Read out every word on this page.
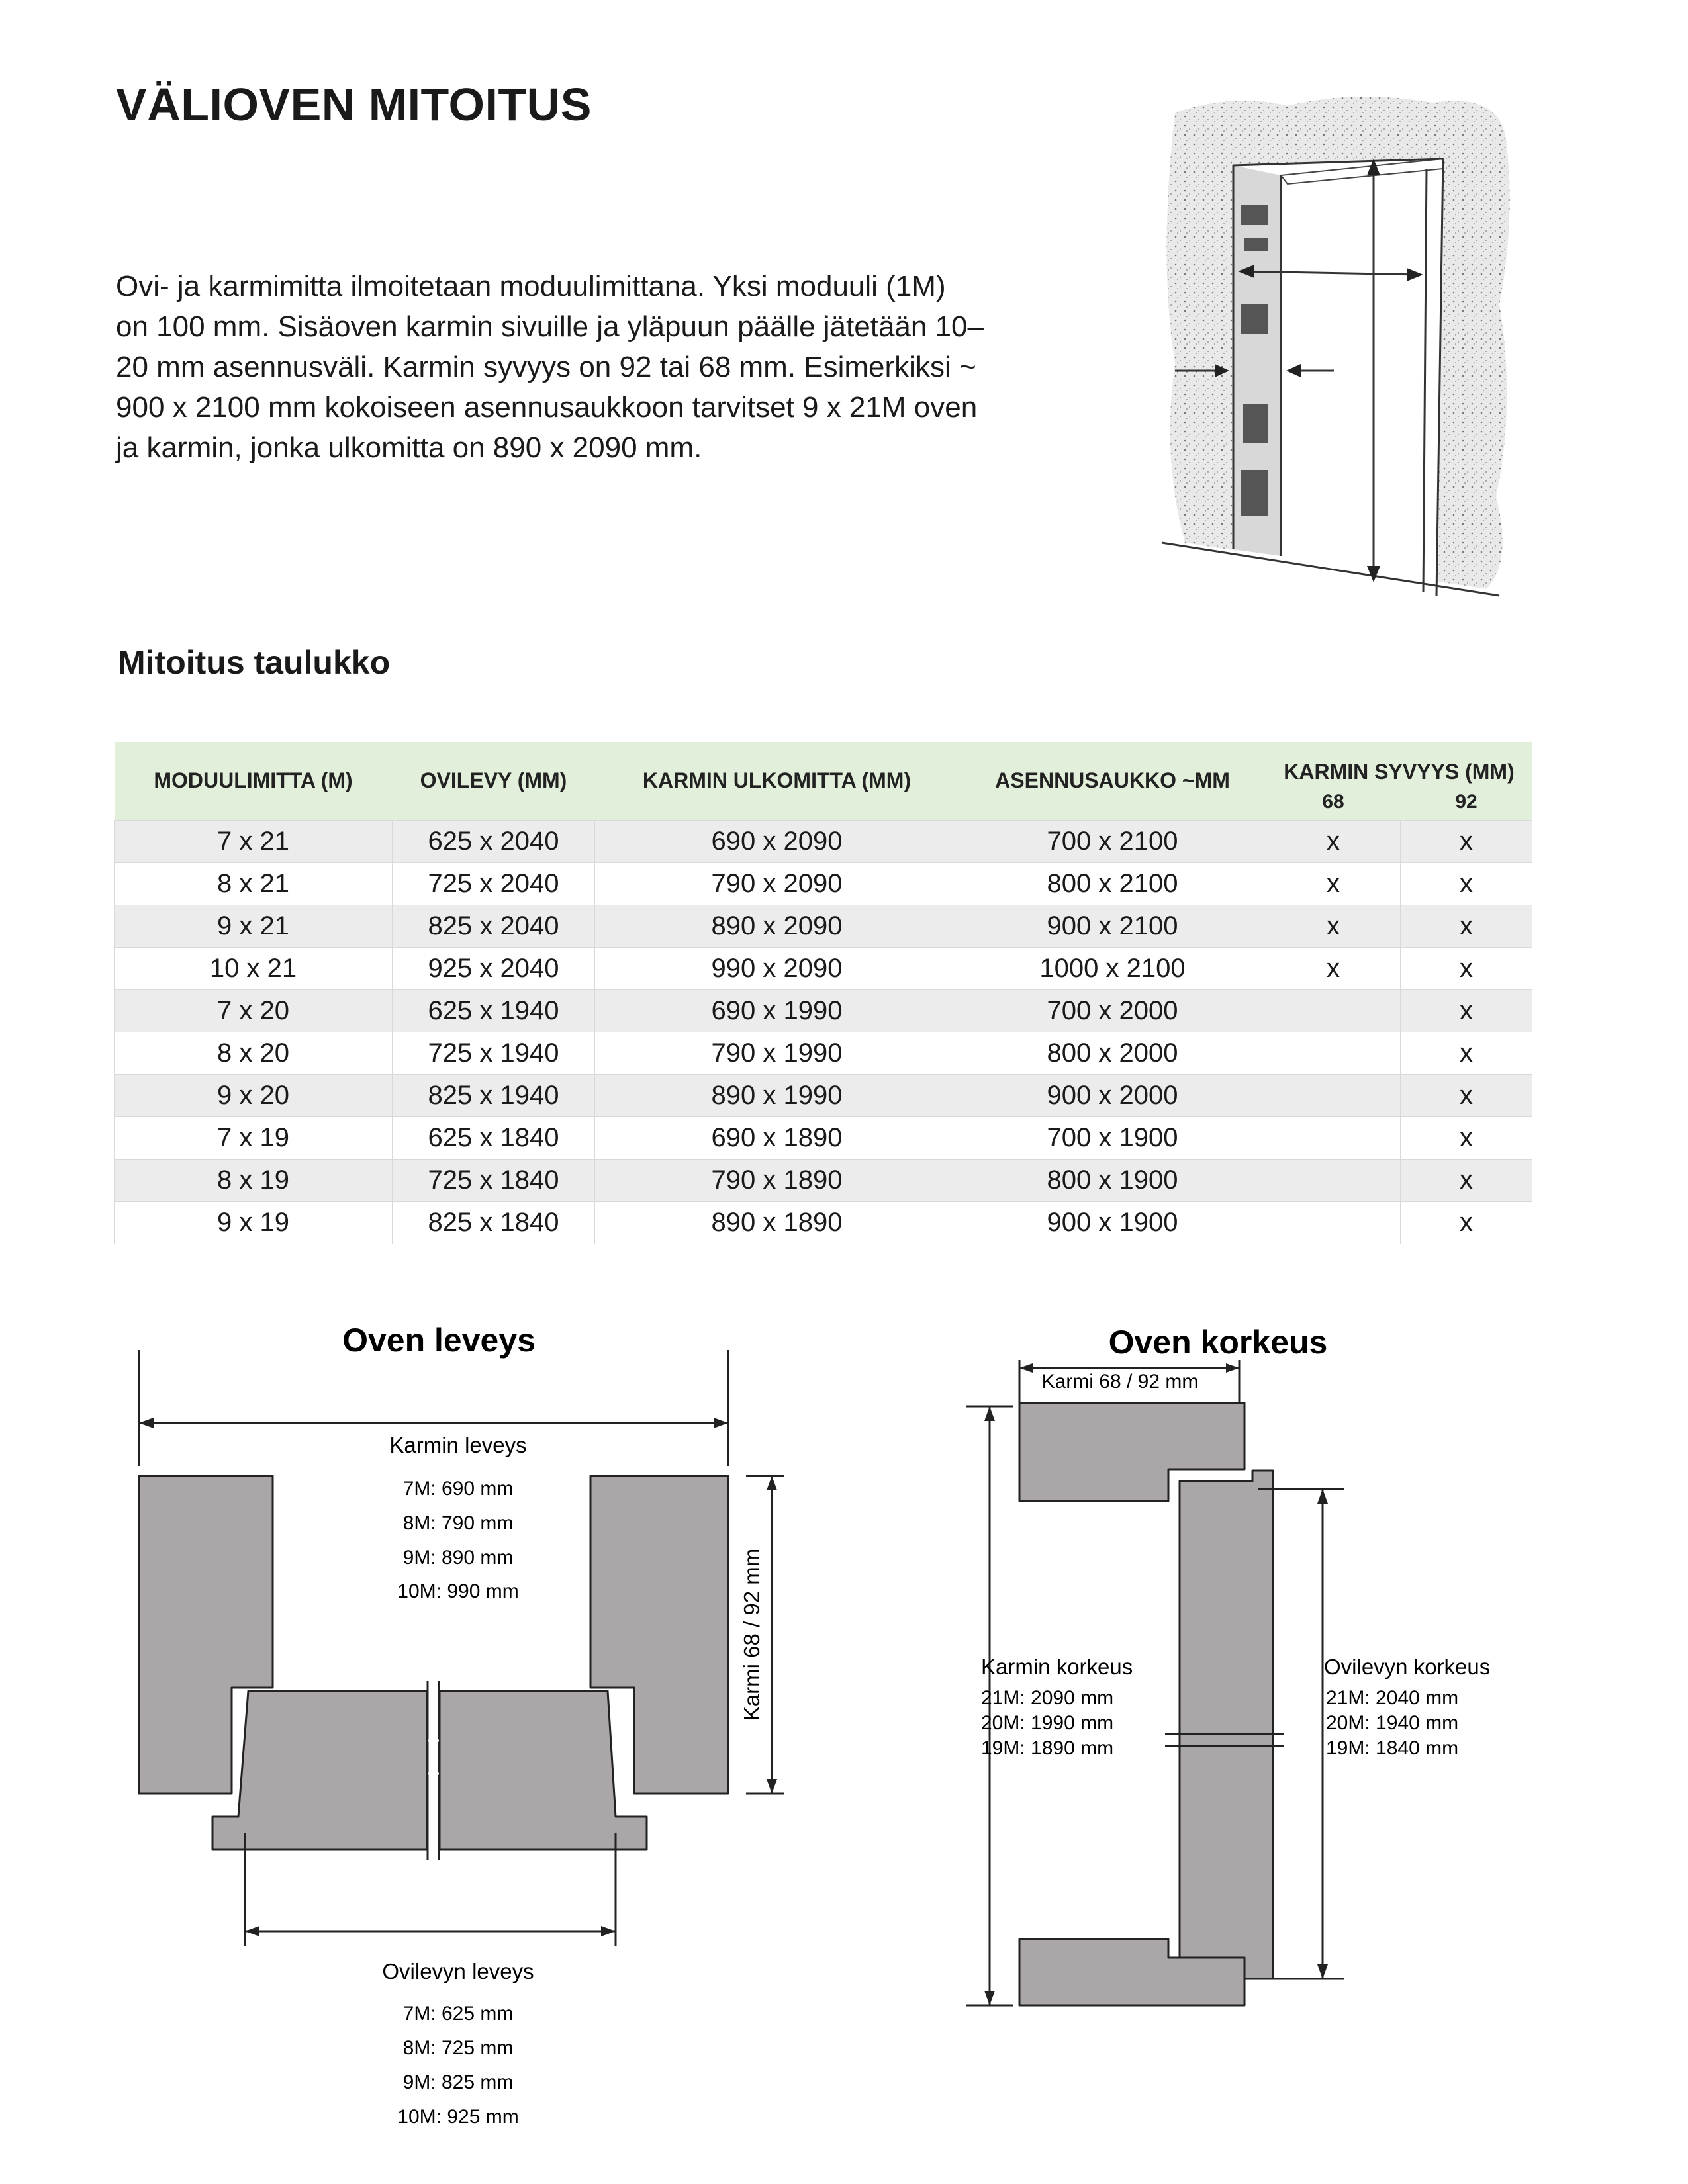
VÄLIOVEN MITOITUS
Ovi- ja karmimitta ilmoitetaan moduulimittana. Yksi moduuli (1M)
on 100 mm. Sisäoven karmin sivuille ja yläpuun päälle jätetään 10–
20 mm asennusväli. Karmin syvyys on 92 tai 68 mm. Esimerkiksi ~
900 x 2100 mm kokoiseen asennusaukkoon tarvitset 9 x 21M oven
ja karmin, jonka ulkomitta on 890 x 2090 mm.
Mitoitus taulukko
MODUULIMITTA (M)	OVILEVY (MM)	KARMIN ULKOMITTA (MM)	ASENNUSAUKKO ~MM	KARMIN SYVYYS (MM)	
				68	92
7 x 21	625 x 2040	690 x 2090	700 x 2100	x	x
8 x 21	725 x 2040	790 x 2090	800 x 2100	x	x
9 x 21	825 x 2040	890 x 2090	900 x 2100	x	x
10 x 21	925 x 2040	990 x 2090	1000 x 2100	x	x
7 x 20	625 x 1940	690 x 1990	700 x 2000		x
8 x 20	725 x 1940	790 x 1990	800 x 2000		x
9 x 20	825 x 1940	890 x 1990	900 x 2000		x
7 x 19	625 x 1840	690 x 1890	700 x 1900		x
8 x 19	725 x 1840	790 x 1890	800 x 1900		x
9 x 19	825 x 1840	890 x 1890	900 x 1900		x
Oven leveys
Karmin leveys
7M: 690 mm
8M: 790 mm
9M: 890 mm
10M: 990 mm	Karmi 68 / 92 mm
Ovilevyn leveys
7M: 625 mm
8M: 725 mm
9M: 825 mm
10M: 925 mm
Oven korkeus
Karmi 68 / 92 mm
Karmin korkeus
21M: 2090 mm
20M: 1990 mm
19M: 1890 mm
Ovilevyn korkeus
21M: 2040 mm
20M: 1940 mm
19M: 1840 mm
